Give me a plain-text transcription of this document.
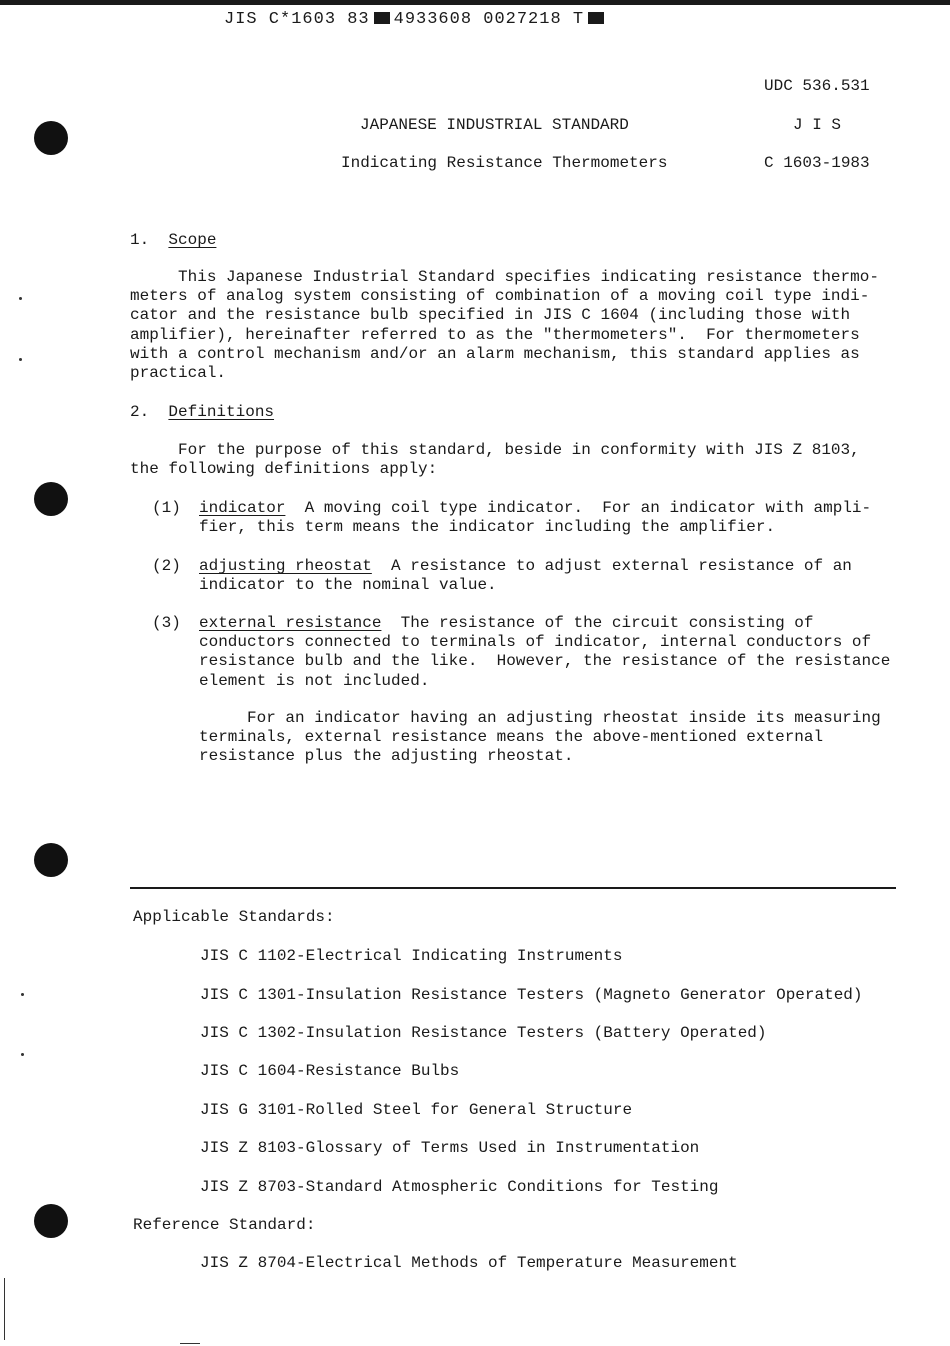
JIS C*1603 83 4933608 0027218 T
UDC 536.531
JAPANESE INDUSTRIAL STANDARD	J I S
Indicating Resistance Thermometers	C 1603-1983
1. Scope
This Japanese Industrial Standard specifies indicating resistance thermo-
meters of analog system consisting of combination of a moving coil type indi-
cator and the resistance bulb specified in JIS C 1604 (including those with
amplifier), hereinafter referred to as the "thermometers".  For thermometers
with a control mechanism and/or an alarm mechanism, this standard applies as
practical.
2. Definitions
For the purpose of this standard, beside in conformity with JIS Z 8103,
the following definitions apply:
(1) indicator  A moving coil type indicator.  For an indicator with ampli-
fier, this term means the indicator including the amplifier.
(2) adjusting rheostat  A resistance to adjust external resistance of an
indicator to the nominal value.
(3) external resistance  The resistance of the circuit consisting of
conductors connected to terminals of indicator, internal conductors of
resistance bulb and the like.  However, the resistance of the resistance
element is not included.
For an indicator having an adjusting rheostat inside its measuring
terminals, external resistance means the above-mentioned external
resistance plus the adjusting rheostat.
Applicable Standards:
JIS C 1102-Electrical Indicating Instruments
JIS C 1301-Insulation Resistance Testers (Magneto Generator Operated)
JIS C 1302-Insulation Resistance Testers (Battery Operated)
JIS C 1604-Resistance Bulbs
JIS G 3101-Rolled Steel for General Structure
JIS Z 8103-Glossary of Terms Used in Instrumentation
JIS Z 8703-Standard Atmospheric Conditions for Testing
Reference Standard:
JIS Z 8704-Electrical Methods of Temperature Measurement
